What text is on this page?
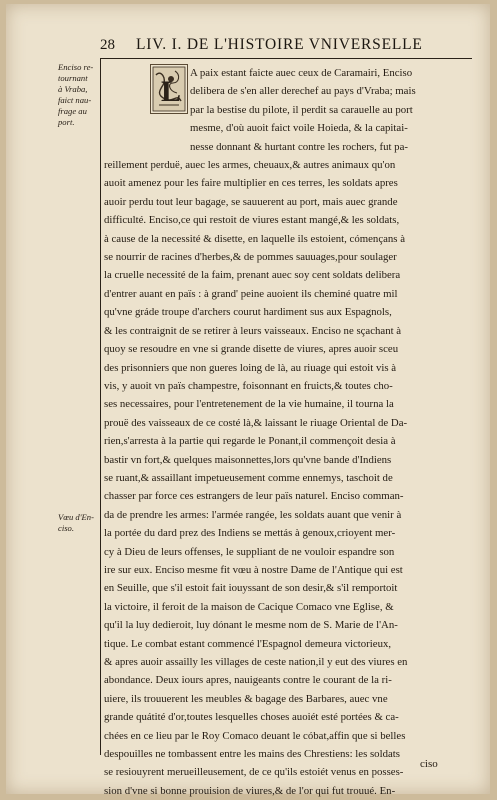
28	LIV. I. DE L'HISTOIRE VNIVERSELLE
Enciso re-
tournant
à Vraba,
faict nau-
frage au
port.
Vœu d'En-
ciso.
L
A paix estant faicte auec ceux de Caramairi, Enciso
delibera de s'en aller derechef au pays d'Vraba; mais
par la bestise du pilote, il perdit sa carauelle au port
mesme, d'où auoit faict voile Hoieda, & la capitai-
nesse donnant & hurtant contre les rochers, fut pa-
reillement perduë, auec les armes, cheuaux,& autres animaux qu'on
auoit amenez pour les faire multiplier en ces terres, les soldats apres
auoir perdu tout leur bagage, se sauuerent au port, mais auec grande
difficulté. Enciso,ce qui restoit de viures estant mangé,& les soldats,
à cause de la necessité & disette, en laquelle ils estoient, cómençans à
se nourrir de racines d'herbes,& de pommes sauuages,pour soulager
la cruelle necessité de la faim, prenant auec soy cent soldats delibera
d'entrer auant en païs : à grand' peine auoient ils cheminé quatre mil
qu'vne gráde troupe d'archers courut hardiment sus aux Espagnols,
& les contraignit de se retirer à leurs vaisseaux. Enciso ne sçachant à
quoy se resoudre en vne si grande disette de viures, apres auoir sceu
des prisonniers que non gueres loing de là, au riuage qui estoit vis à
vis, y auoit vn païs champestre, foisonnant en fruicts,& toutes cho-
ses necessaires, pour l'entretenement de la vie humaine, il tourna la
prouë des vaisseaux de ce costé là,& laissant le riuage Oriental de Da-
rien,s'arresta à la partie qui regarde le Ponant,il commençoit desia à
bastir vn fort,& quelques maisonnettes,lors qu'vne bande d'Indiens
se ruant,& assaillant impetueusement comme ennemys, taschoit de
chasser par force ces estrangers de leur païs naturel. Enciso comman-
da de prendre les armes: l'armée rangée, les soldats auant que venir à
la portée du dard prez des Indiens se mettás à genoux,crioyent mer-
cy à Dieu de leurs offenses, le suppliant de ne vouloir espandre son
ire sur eux. Enciso mesme fit vœu à nostre Dame de l'Antique qui est
en Seuille, que s'il estoit fait iouyssant de son desir,& s'il remportoit
la victoire, il feroit de la maison de Cacique Comaco vne Eglise, &
qu'il la luy dedieroit, luy dónant le mesme nom de S. Marie de l'An-
tique. Le combat estant commencé l'Espagnol demeura victorieux,
& apres auoir assailly les villages de ceste nation,il y eut des viures en
abondance. Deux iours apres, nauigeants contre le courant de la ri-
uiere, ils trouuerent les meubles & bagage des Barbares, auec vne
grande quátité d'or,toutes lesquelles choses auoiét esté portées & ca-
chées en ce lieu par le Roy Comaco deuant le cóbat,affin que si belles
despouilles ne tombassent entre les mains des Chrestiens: les soldats
se resiouyrent merueilleusement, de ce qu'ils estoiét venus en posses-
sion d'vne si bonne prouision de viures,& de l'or qui fut trouué. En-
ciso
